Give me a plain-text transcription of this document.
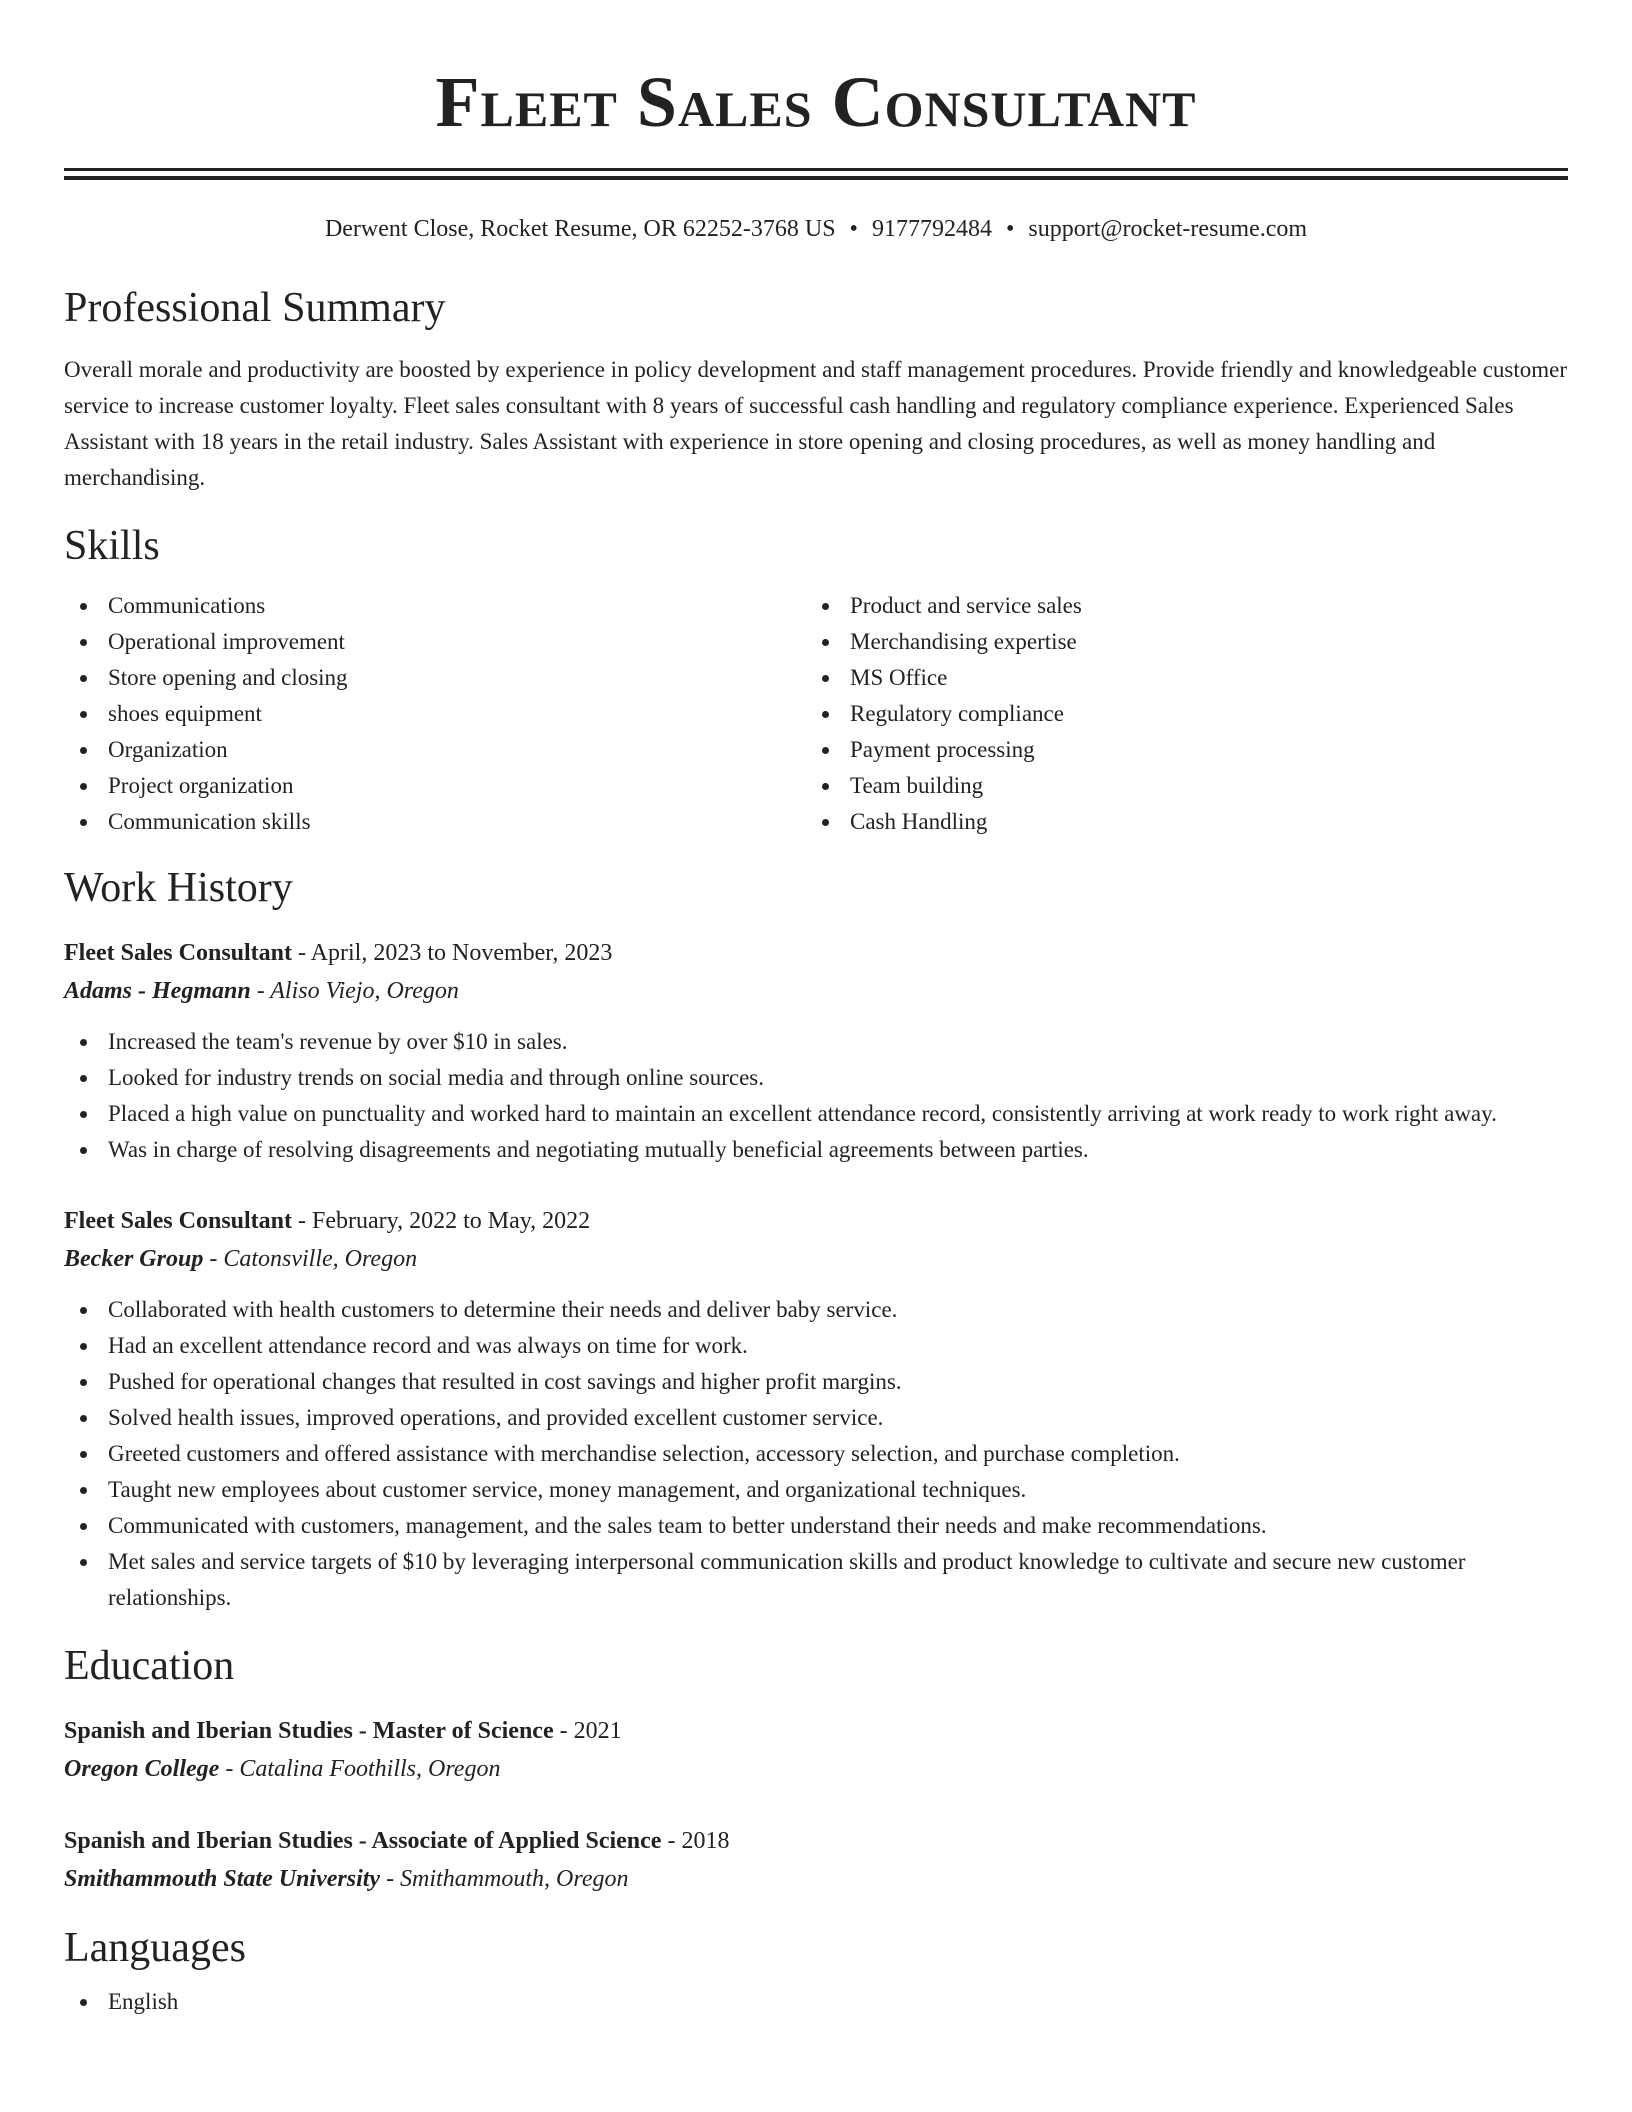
Fleet Sales Consultant
Derwent Close, Rocket Resume, OR 62252-3768 US • 9177792484 • support@rocket-resume.com
Professional Summary
Overall morale and productivity are boosted by experience in policy development and staff management procedures. Provide friendly and knowledgeable customer service to increase customer loyalty. Fleet sales consultant with 8 years of successful cash handling and regulatory compliance experience. Experienced Sales Assistant with 18 years in the retail industry. Sales Assistant with experience in store opening and closing procedures, as well as money handling and merchandising.
Skills
Communications
Operational improvement
Store opening and closing
shoes equipment
Organization
Project organization
Communication skills
Product and service sales
Merchandising expertise
MS Office
Regulatory compliance
Payment processing
Team building
Cash Handling
Work History
Fleet Sales Consultant - April, 2023 to November, 2023
Adams - Hegmann - Aliso Viejo, Oregon
Increased the team's revenue by over $10 in sales.
Looked for industry trends on social media and through online sources.
Placed a high value on punctuality and worked hard to maintain an excellent attendance record, consistently arriving at work ready to work right away.
Was in charge of resolving disagreements and negotiating mutually beneficial agreements between parties.
Fleet Sales Consultant - February, 2022 to May, 2022
Becker Group - Catonsville, Oregon
Collaborated with health customers to determine their needs and deliver baby service.
Had an excellent attendance record and was always on time for work.
Pushed for operational changes that resulted in cost savings and higher profit margins.
Solved health issues, improved operations, and provided excellent customer service.
Greeted customers and offered assistance with merchandise selection, accessory selection, and purchase completion.
Taught new employees about customer service, money management, and organizational techniques.
Communicated with customers, management, and the sales team to better understand their needs and make recommendations.
Met sales and service targets of $10 by leveraging interpersonal communication skills and product knowledge to cultivate and secure new customer relationships.
Education
Spanish and Iberian Studies - Master of Science - 2021
Oregon College - Catalina Foothills, Oregon
Spanish and Iberian Studies - Associate of Applied Science - 2018
Smithammouth State University - Smithammouth, Oregon
Languages
English
